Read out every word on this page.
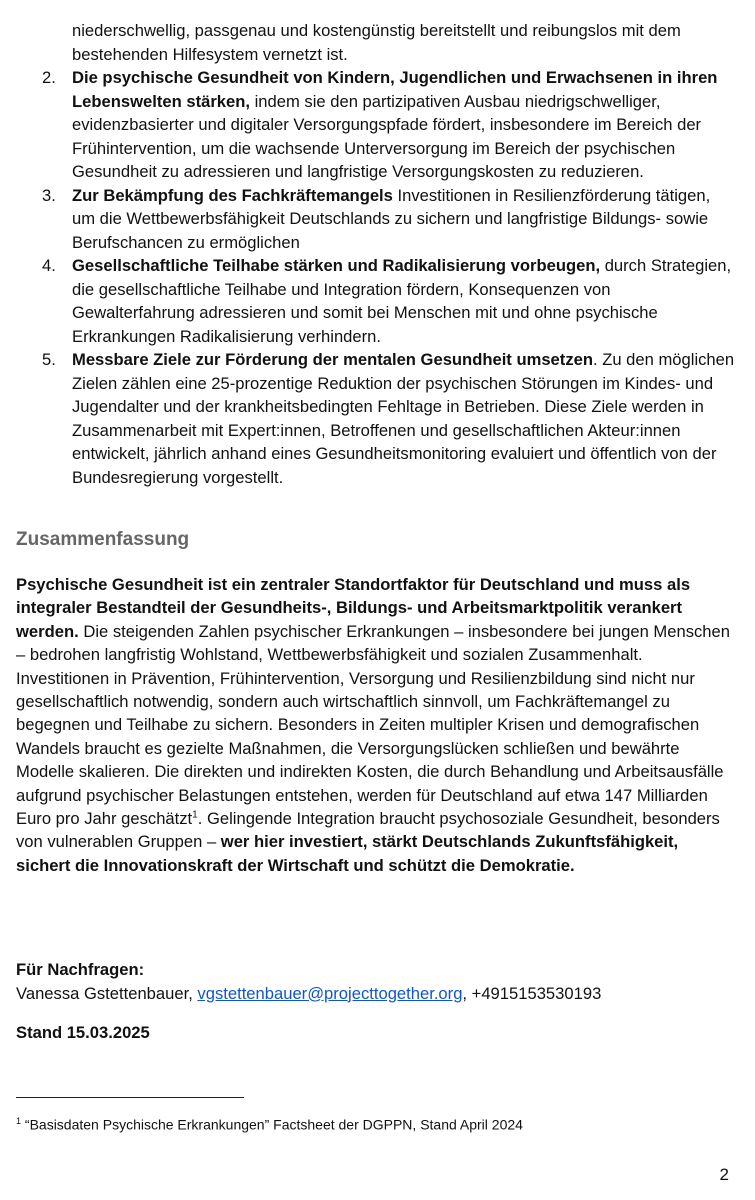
niederschwellig, passgenau und kostengünstig bereitstellt und reibungslos mit dem bestehenden Hilfesystem vernetzt ist.
2. Die psychische Gesundheit von Kindern, Jugendlichen und Erwachsenen in ihren Lebenswelten stärken, indem sie den partizipativen Ausbau niedrigschwelliger, evidenzbasierter und digitaler Versorgungspfade fördert, insbesondere im Bereich der Frühintervention, um die wachsende Unterversorgung im Bereich der psychischen Gesundheit zu adressieren und langfristige Versorgungskosten zu reduzieren.
3. Zur Bekämpfung des Fachkräftemangels Investitionen in Resilienzförderung tätigen, um die Wettbewerbsfähigkeit Deutschlands zu sichern und langfristige Bildungs- sowie Berufschancen zu ermöglichen
4. Gesellschaftliche Teilhabe stärken und Radikalisierung vorbeugen, durch Strategien, die gesellschaftliche Teilhabe und Integration fördern, Konsequenzen von Gewalterfahrung adressieren und somit bei Menschen mit und ohne psychische Erkrankungen Radikalisierung verhindern.
5. Messbare Ziele zur Förderung der mentalen Gesundheit umsetzen. Zu den möglichen Zielen zählen eine 25-prozentige Reduktion der psychischen Störungen im Kindes- und Jugendalter und der krankheitsbedingten Fehltage in Betrieben. Diese Ziele werden in Zusammenarbeit mit Expert:innen, Betroffenen und gesellschaftlichen Akteur:innen entwickelt, jährlich anhand eines Gesundheitsmonitoring evaluiert und öffentlich von der Bundesregierung vorgestellt.
Zusammenfassung

Psychische Gesundheit ist ein zentraler Standortfaktor für Deutschland und muss als integraler Bestandteil der Gesundheits-, Bildungs- und Arbeitsmarktpolitik verankert werden. Die steigenden Zahlen psychischer Erkrankungen – insbesondere bei jungen Menschen – bedrohen langfristig Wohlstand, Wettbewerbsfähigkeit und sozialen Zusammenhalt. Investitionen in Prävention, Frühintervention, Versorgung und Resilienzbildung sind nicht nur gesellschaftlich notwendig, sondern auch wirtschaftlich sinnvoll, um Fachkräftemangel zu begegnen und Teilhabe zu sichern. Besonders in Zeiten multipler Krisen und demografischen Wandels braucht es gezielte Maßnahmen, die Versorgungslücken schließen und bewährte Modelle skalieren. Die direkten und indirekten Kosten, die durch Behandlung und Arbeitsausfälle aufgrund psychischer Belastungen entstehen, werden für Deutschland auf etwa 147 Milliarden Euro pro Jahr geschätzt$^1$. Gelingende Integration braucht psychosoziale Gesundheit, besonders von vulnerablen Gruppen – wer hier investiert, stärkt Deutschlands Zukunftsfähigkeit, sichert die Innovationskraft der Wirtschaft und schützt die Demokratie.

Für Nachfragen:
Vanessa Gstettenbauer, vgstettenbauer@projecttogether.org, +4915153530193
Stand 15.03.2025
$^1$ “Basisdaten Psychische Erkrankungen” Factsheet der DGPPN, Stand April 2024
2
